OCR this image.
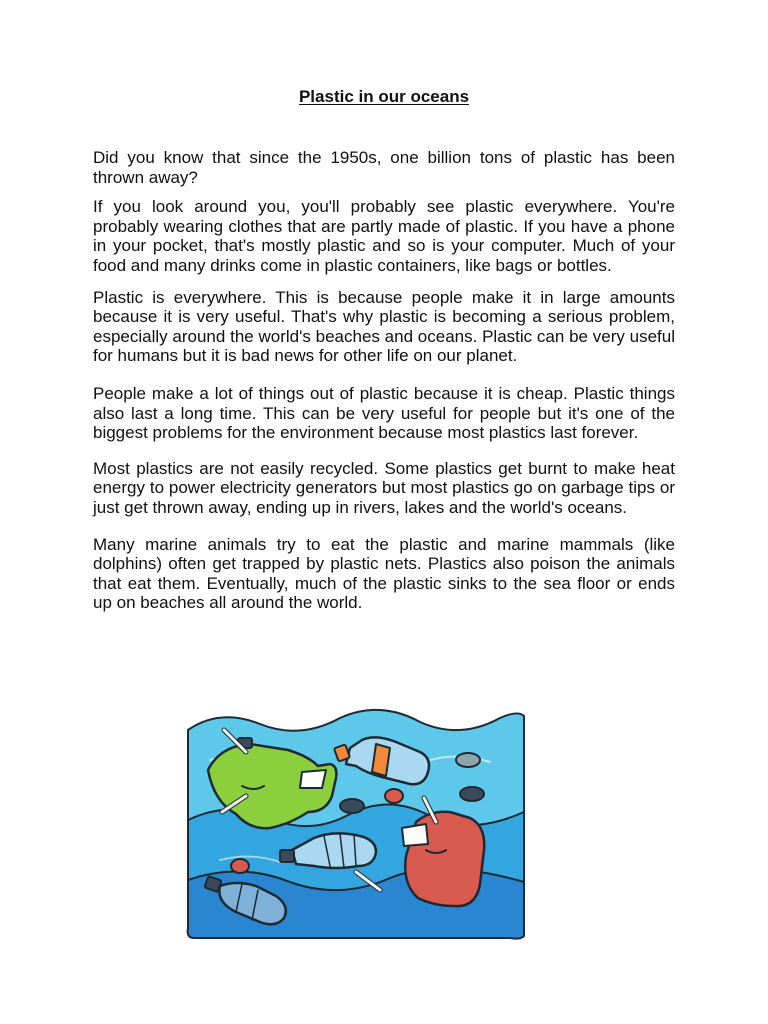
Plastic in our oceans

Did you know that since the 1950s, one billion tons of plastic has been thrown away?

If you look around you, you'll probably see plastic everywhere. You're probably wearing clothes that are partly made of plastic. If you have a phone in your pocket, that's mostly plastic and so is your computer. Much of your food and many drinks come in plastic containers, like bags or bottles.

Plastic is everywhere. This is because people make it in large amounts because it is very useful. That's why plastic is becoming a serious problem, especially around the world's beaches and oceans. Plastic can be very useful for humans but it is bad news for other life on our planet.

People make a lot of things out of plastic because it is cheap. Plastic things also last a long time. This can be very useful for people but it's one of the biggest problems for the environment because most plastics last forever.

Most plastics are not easily recycled. Some plastics get burnt to make heat energy to power electricity generators but most plastics go on garbage tips or just get thrown away, ending up in rivers, lakes and the world's oceans.

Many marine animals try to eat the plastic and marine mammals (like dolphins) often get trapped by plastic nets. Plastics also poison the animals that eat them. Eventually, much of the plastic sinks to the sea floor or ends up on beaches all around the world.
